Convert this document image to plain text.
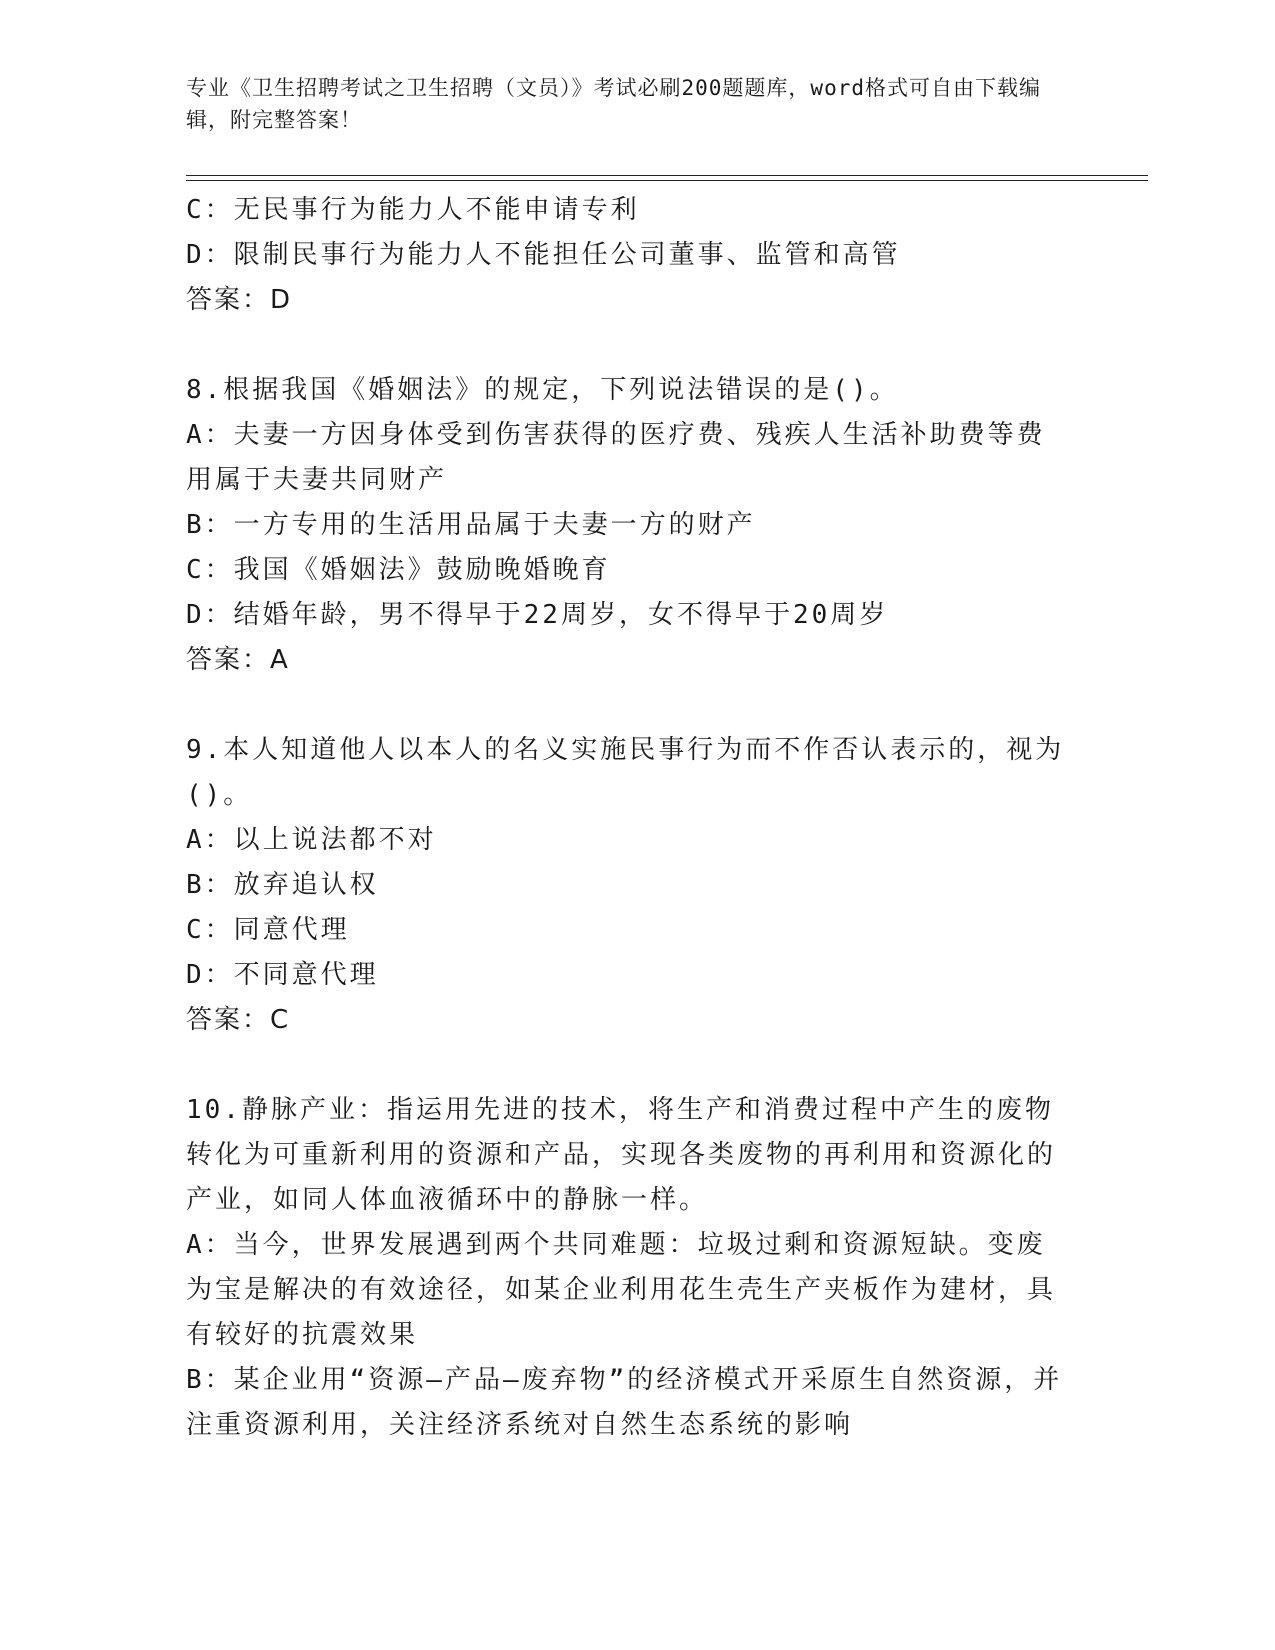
专业《卫生招聘考试之卫生招聘（文员）》考试必刷200题题库，word格式可自由下载编辑，附完整答案！
C：无民事行为能力人不能申请专利
D：限制民事行为能力人不能担任公司董事、监管和高管
答案：D
8.根据我国《婚姻法》的规定，下列说法错误的是()。
A：夫妻一方因身体受到伤害获得的医疗费、残疾人生活补助费等费用属于夫妻共同财产
B：一方专用的生活用品属于夫妻一方的财产
C：我国《婚姻法》鼓励晚婚晚育
D：结婚年龄，男不得早于22周岁，女不得早于20周岁
答案：A
9.本人知道他人以本人的名义实施民事行为而不作否认表示的，视为()。
A：以上说法都不对
B：放弃追认权
C：同意代理
D：不同意代理
答案：C
10.静脉产业：指运用先进的技术，将生产和消费过程中产生的废物转化为可重新利用的资源和产品，实现各类废物的再利用和资源化的产业，如同人体血液循环中的静脉一样。
A：当今，世界发展遇到两个共同难题：垃圾过剩和资源短缺。变废为宝是解决的有效途径，如某企业利用花生壳生产夹板作为建材，具有较好的抗震效果
B：某企业用“资源—产品—废弃物”的经济模式开采原生自然资源，并注重资源利用，关注经济系统对自然生态系统的影响
